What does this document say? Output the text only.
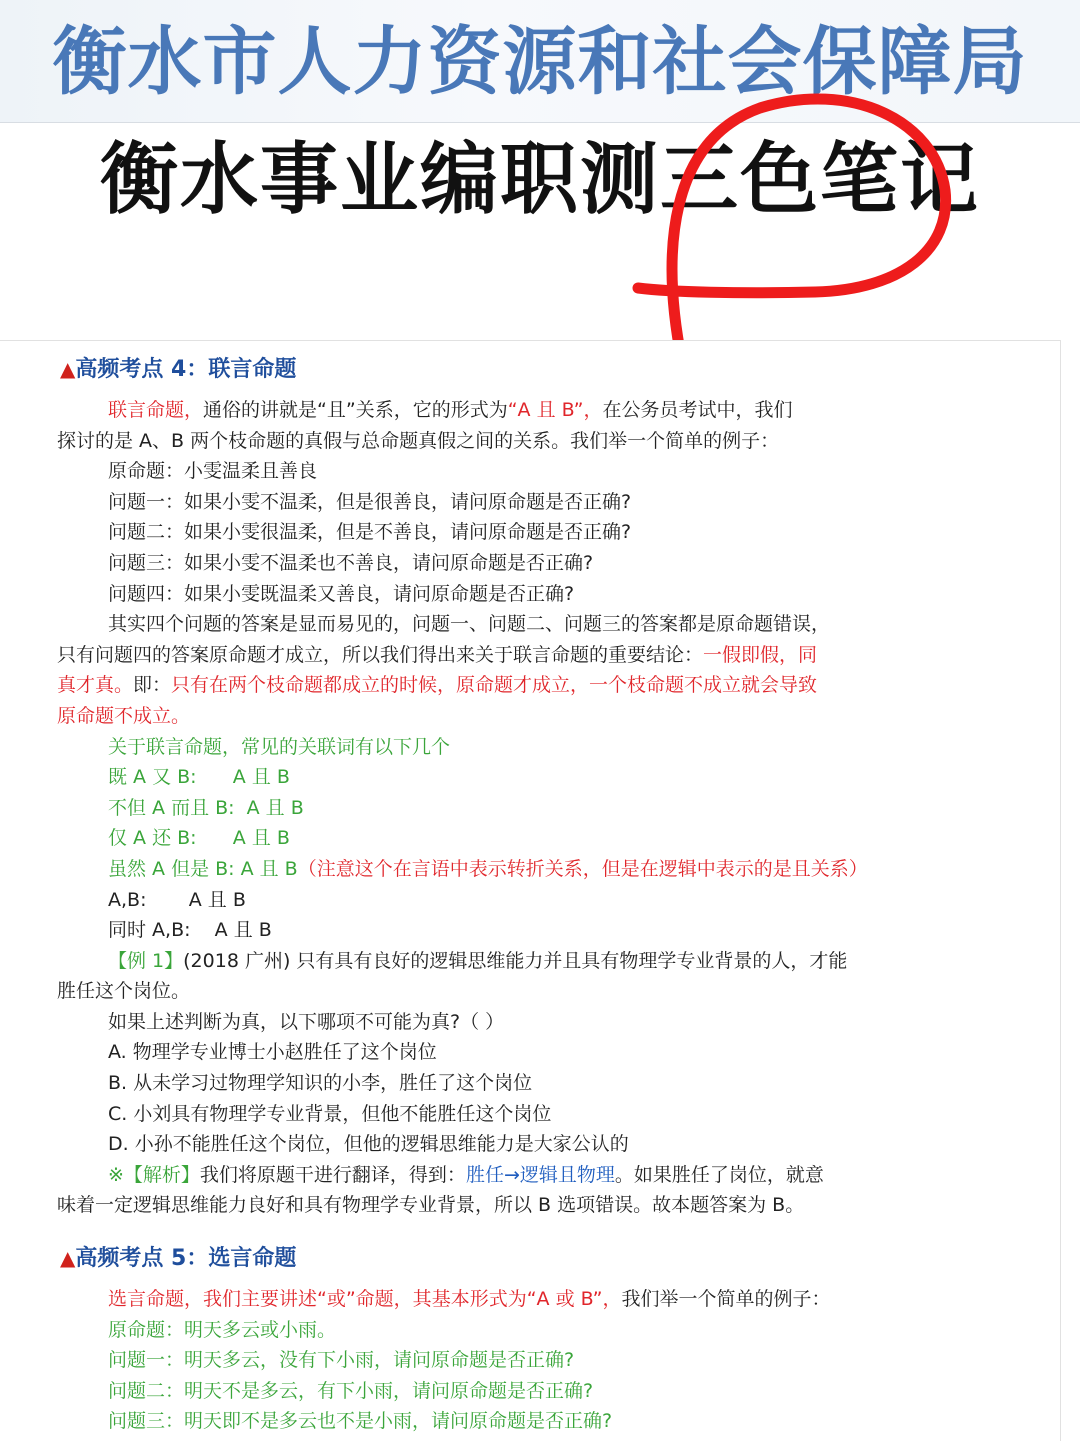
衡水市人力资源和社会保障局
衡水事业编职测三色笔记
▲高频考点 4：联言命题
联言命题，通俗的讲就是“且”关系，它的形式为“A 且 B”，在公务员考试中，我们
探讨的是 A、B 两个枝命题的真假与总命题真假之间的关系。我们举一个简单的例子：
原命题：小雯温柔且善良
问题一：如果小雯不温柔，但是很善良，请问原命题是否正确?
问题二：如果小雯很温柔，但是不善良，请问原命题是否正确?
问题三：如果小雯不温柔也不善良，请问原命题是否正确?
问题四：如果小雯既温柔又善良，请问原命题是否正确?
其实四个问题的答案是显而易见的，问题一、问题二、问题三的答案都是原命题错误，
只有问题四的答案原命题才成立，所以我们得出来关于联言命题的重要结论：一假即假，同
真才真。即：只有在两个枝命题都成立的时候，原命题才成立，一个枝命题不成立就会导致
原命题不成立。
关于联言命题，常见的关联词有以下几个
既 A 又 B:      A 且 B
不但 A 而且 B:  A 且 B
仅 A 还 B:      A 且 B
虽然 A 但是 B: A 且 B（注意这个在言语中表示转折关系，但是在逻辑中表示的是且关系）
A,B:       A 且 B
同时 A,B:    A 且 B
【例 1】(2018 广州) 只有具有良好的逻辑思维能力并且具有物理学专业背景的人，才能
胜任这个岗位。
如果上述判断为真，以下哪项不可能为真?（ ）
A. 物理学专业博士小赵胜任了这个岗位
B. 从未学习过物理学知识的小李，胜任了这个岗位
C. 小刘具有物理学专业背景，但他不能胜任这个岗位
D. 小孙不能胜任这个岗位，但他的逻辑思维能力是大家公认的
※【解析】我们将原题干进行翻译，得到：胜任→逻辑且物理。如果胜任了岗位，就意
味着一定逻辑思维能力良好和具有物理学专业背景，所以 B 选项错误。故本题答案为 B。
▲高频考点 5：选言命题
选言命题，我们主要讲述“或”命题，其基本形式为“A 或 B”，我们举一个简单的例子：
原命题：明天多云或小雨。
问题一：明天多云，没有下小雨，请问原命题是否正确?
问题二：明天不是多云，有下小雨，请问原命题是否正确?
问题三：明天即不是多云也不是小雨，请问原命题是否正确?
